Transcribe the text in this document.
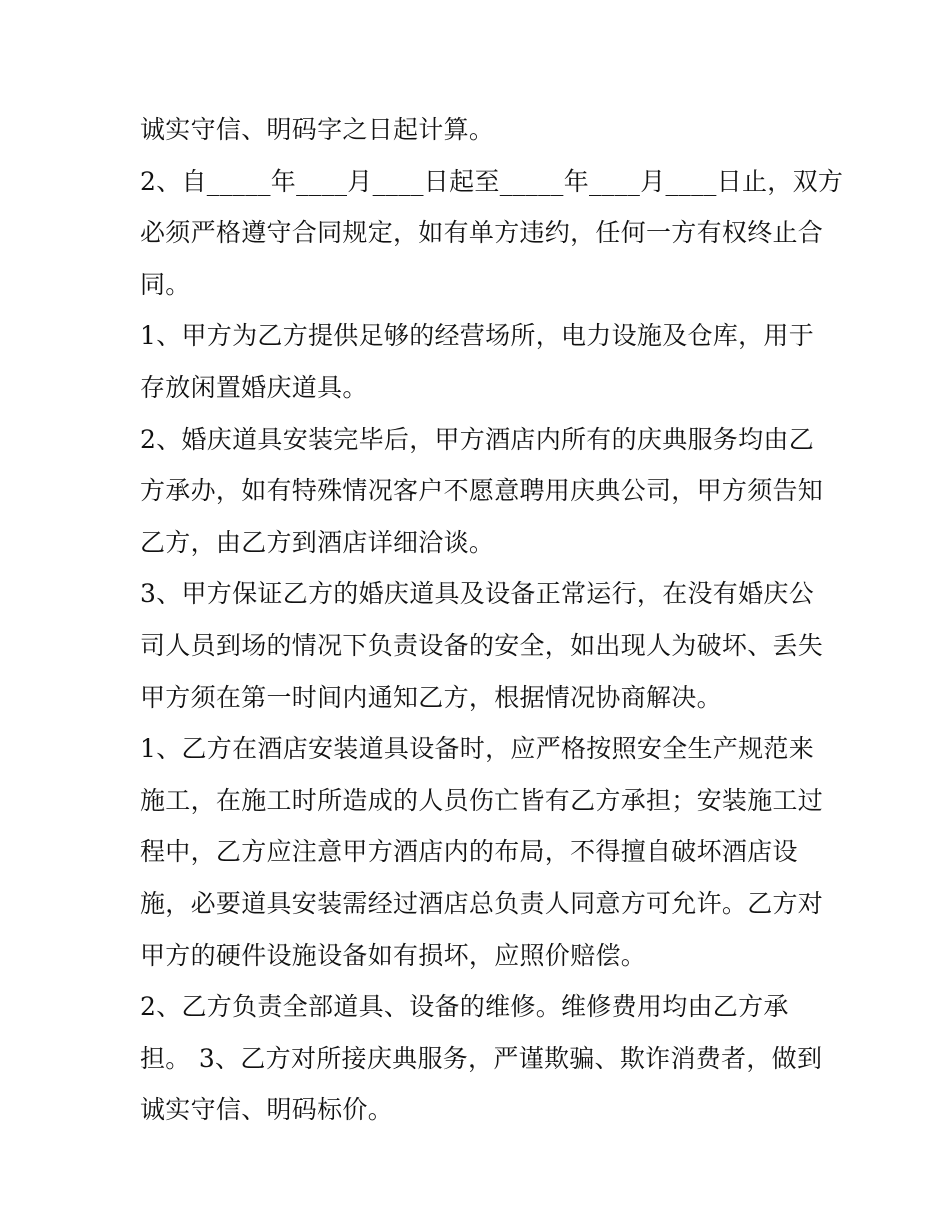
诚实守信、明码字之日起计算。
2、自_____年____月____日起至_____年____月____日止，双方
必须严格遵守合同规定，如有单方违约，任何一方有权终止合
同。
1、甲方为乙方提供足够的经营场所，电力设施及仓库，用于
存放闲置婚庆道具。
2、婚庆道具安装完毕后，甲方酒店内所有的庆典服务均由乙
方承办，如有特殊情况客户不愿意聘用庆典公司，甲方须告知
乙方，由乙方到酒店详细洽谈。
3、甲方保证乙方的婚庆道具及设备正常运行，在没有婚庆公
司人员到场的情况下负责设备的安全，如出现人为破坏、丢失
甲方须在第一时间内通知乙方，根据情况协商解决。
1、乙方在酒店安装道具设备时，应严格按照安全生产规范来
施工，在施工时所造成的人员伤亡皆有乙方承担；安装施工过
程中，乙方应注意甲方酒店内的布局，不得擅自破坏酒店设
施，必要道具安装需经过酒店总负责人同意方可允许。乙方对
甲方的硬件设施设备如有损坏，应照价赔偿。
2、乙方负责全部道具、设备的维修。维修费用均由乙方承
担。 3、乙方对所接庆典服务，严谨欺骗、欺诈消费者，做到
诚实守信、明码标价。
